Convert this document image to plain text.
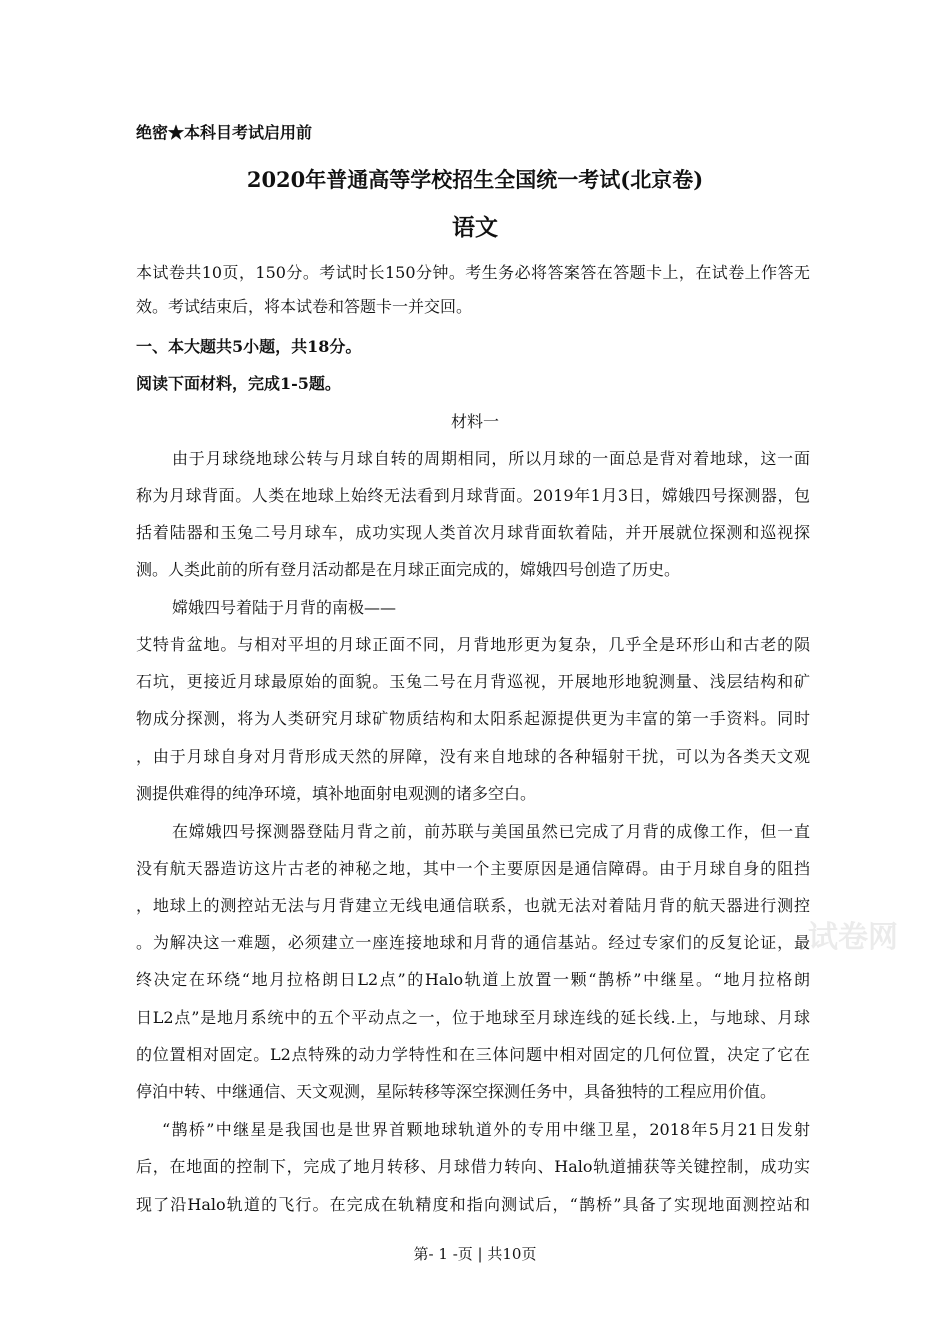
绝密★本科目考试启用前
2020年普通高等学校招生全国统一考试(北京卷)
语文
本试卷共10页，150分。考试时长150分钟。考生务必将答案答在答题卡上，在试卷上作答无
效。考试结束后，将本试卷和答题卡一并交回。
一、本大题共5小题，共18分。
阅读下面材料，完成1-5题。
材料一
由于月球绕地球公转与月球自转的周期相同，所以月球的一面总是背对着地球，这一面
称为月球背面。人类在地球上始终无法看到月球背面。2019年1月3日，嫦娥四号探测器，包
括着陆器和玉兔二号月球车，成功实现人类首次月球背面软着陆，并开展就位探测和巡视探
测。人类此前的所有登月活动都是在月球正面完成的，嫦娥四号创造了历史。
嫦娥四号着陆于月背的南极——
艾特肯盆地。与相对平坦的月球正面不同，月背地形更为复杂，几乎全是环形山和古老的陨
石坑，更接近月球最原始的面貌。玉兔二号在月背巡视，开展地形地貌测量、浅层结构和矿
物成分探测，将为人类研究月球矿物质结构和太阳系起源提供更为丰富的第一手资料。同时
，由于月球自身对月背形成天然的屏障，没有来自地球的各种辐射干扰，可以为各类天文观
测提供难得的纯净环境，填补地面射电观测的诸多空白。
在嫦娥四号探测器登陆月背之前，前苏联与美国虽然已完成了月背的成像工作，但一直
没有航天器造访这片古老的神秘之地，其中一个主要原因是通信障碍。由于月球自身的阻挡
，地球上的测控站无法与月背建立无线电通信联系，也就无法对着陆月背的航天器进行测控
。为解决这一难题，必须建立一座连接地球和月背的通信基站。经过专家们的反复论证，最
终决定在环绕“地月拉格朗日L2点”的Halo轨道上放置一颗“鹊桥”中继星。“地月拉格朗
日L2点”是地月系统中的五个平动点之一，位于地球至月球连线的延长线.上，与地球、月球
的位置相对固定。L2点特殊的动力学特性和在三体问题中相对固定的几何位置，决定了它在
停泊中转、中继通信、天文观测，星际转移等深空探测任务中，具备独特的工程应用价值。
“鹊桥”中继星是我国也是世界首颗地球轨道外的专用中继卫星，2018年5月21日发射
后，在地面的控制下，完成了地月转移、月球借力转向、Halo轨道捕获等关键控制，成功实
现了沿Halo轨道的飞行。在完成在轨精度和指向测试后，“鹊桥”具备了实现地面测控站和
试卷网
第- 1 -页 | 共10页
